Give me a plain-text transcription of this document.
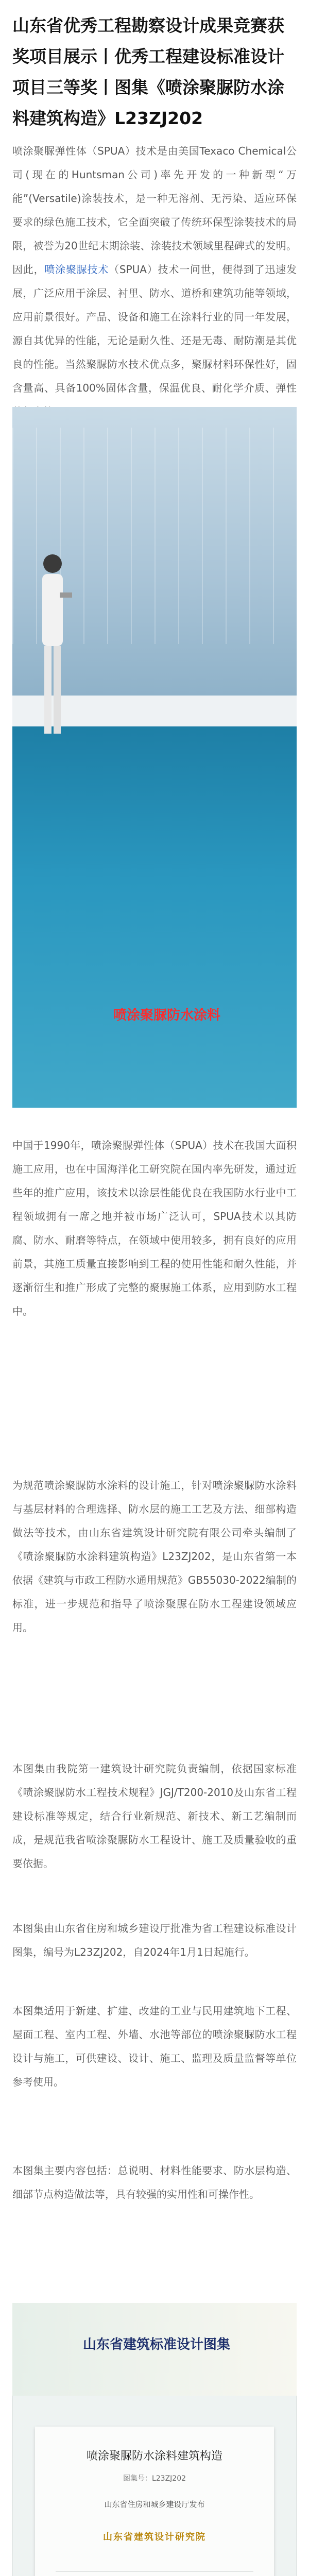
山东省优秀工程勘察设计成果竞赛获奖项目展示丨优秀工程建设标准设计项目三等奖丨图集《喷涂聚脲防水涂料建筑构造》L23ZJ202

喷涂聚脲弹性体（SPUA）技术是由美国Texaco Chemical公司(现在的Huntsman公司)率先开发的一种新型“万能”(Versatile)涂装技术，是一种无溶剂、无污染、适应环保要求的绿色施工技术，它全面突破了传统环保型涂装技术的局限，被誉为20世纪末期涂装、涂装技术领域里程碑式的发明。因此，喷涂聚脲技术（SPUA）技术一问世，便得到了迅速发展，广泛应用于涂层、衬里、防水、道桥和建筑功能等领域，应用前景很好。产品、设备和施工在涂料行业的同一年发展，源自其优异的性能，无论是耐久性、还是无毒、耐防潮是其优良的性能。当然聚脲防水技术优点多，聚脲材料环保性好，固含量高、具备100%固体含量，保温优良、耐化学介质、弹性

喷涂聚脲防水涂料

中国于1990年，喷涂聚脲弹性体（SPUA）技术在我国大面积施工应用，也在中国海洋化工研究院在国内率先研发，通过近些年的推广应用，该技术以涂层性能优良在我国防水行业中工程领域拥有一席之地并被市场广泛认可，SPUA技术以其防腐、防水、耐磨等特点，在领域中使用较多，拥有良好的应用前景，其施工质量直接影响到工程的使用性能和耐久性能，并逐渐衍生和推广形成了完整的聚脲施工体系，应用到防水工程中。

为规范喷涂聚脲防水涂料的设计施工，针对喷涂聚脲防水涂料与基层材料的合理选择、防水层的施工工艺及方法、细部构造做法等技术，由山东省建筑设计研究院有限公司牵头编制了《喷涂聚脲防水涂料建筑构造》L23ZJ202，是山东省第一本依据《建筑与市政工程防水通用规范》GB55030-2022编制的标准，进一步规范和指导了喷涂聚脲在防水工程建设领域应用。

本图集由我院第一建筑设计研究院负责编制，依据国家标准《喷涂聚脲防水工程技术规程》JGJ/T200-2010及山东省工程建设标准等规定，结合行业新规范、新技术、新工艺编制而成，是规范我省喷涂聚脲防水工程设计、施工及质量验收的重要依据。

本图集由山东省住房和城乡建设厅批准为省工程建设标准设计图集，编号为L23ZJ202，自2024年1月1日起施行。

本图集适用于新建、扩建、改建的工业与民用建筑地下工程、屋面工程、室内工程、外墙、水池等部位的喷涂聚脲防水工程设计与施工，可供建设、设计、施工、监理及质量监督等单位参考使用。

本图集主要内容包括：总说明、材料性能要求、防水层构造、细部节点构造做法等，具有较强的实用性和可操作性。

山东省建筑标准设计图集
喷涂聚脲防水涂料建筑构造
图集号：L23ZJ202
山东省住房和城乡建设厅发布
山东省建筑设计研究院
